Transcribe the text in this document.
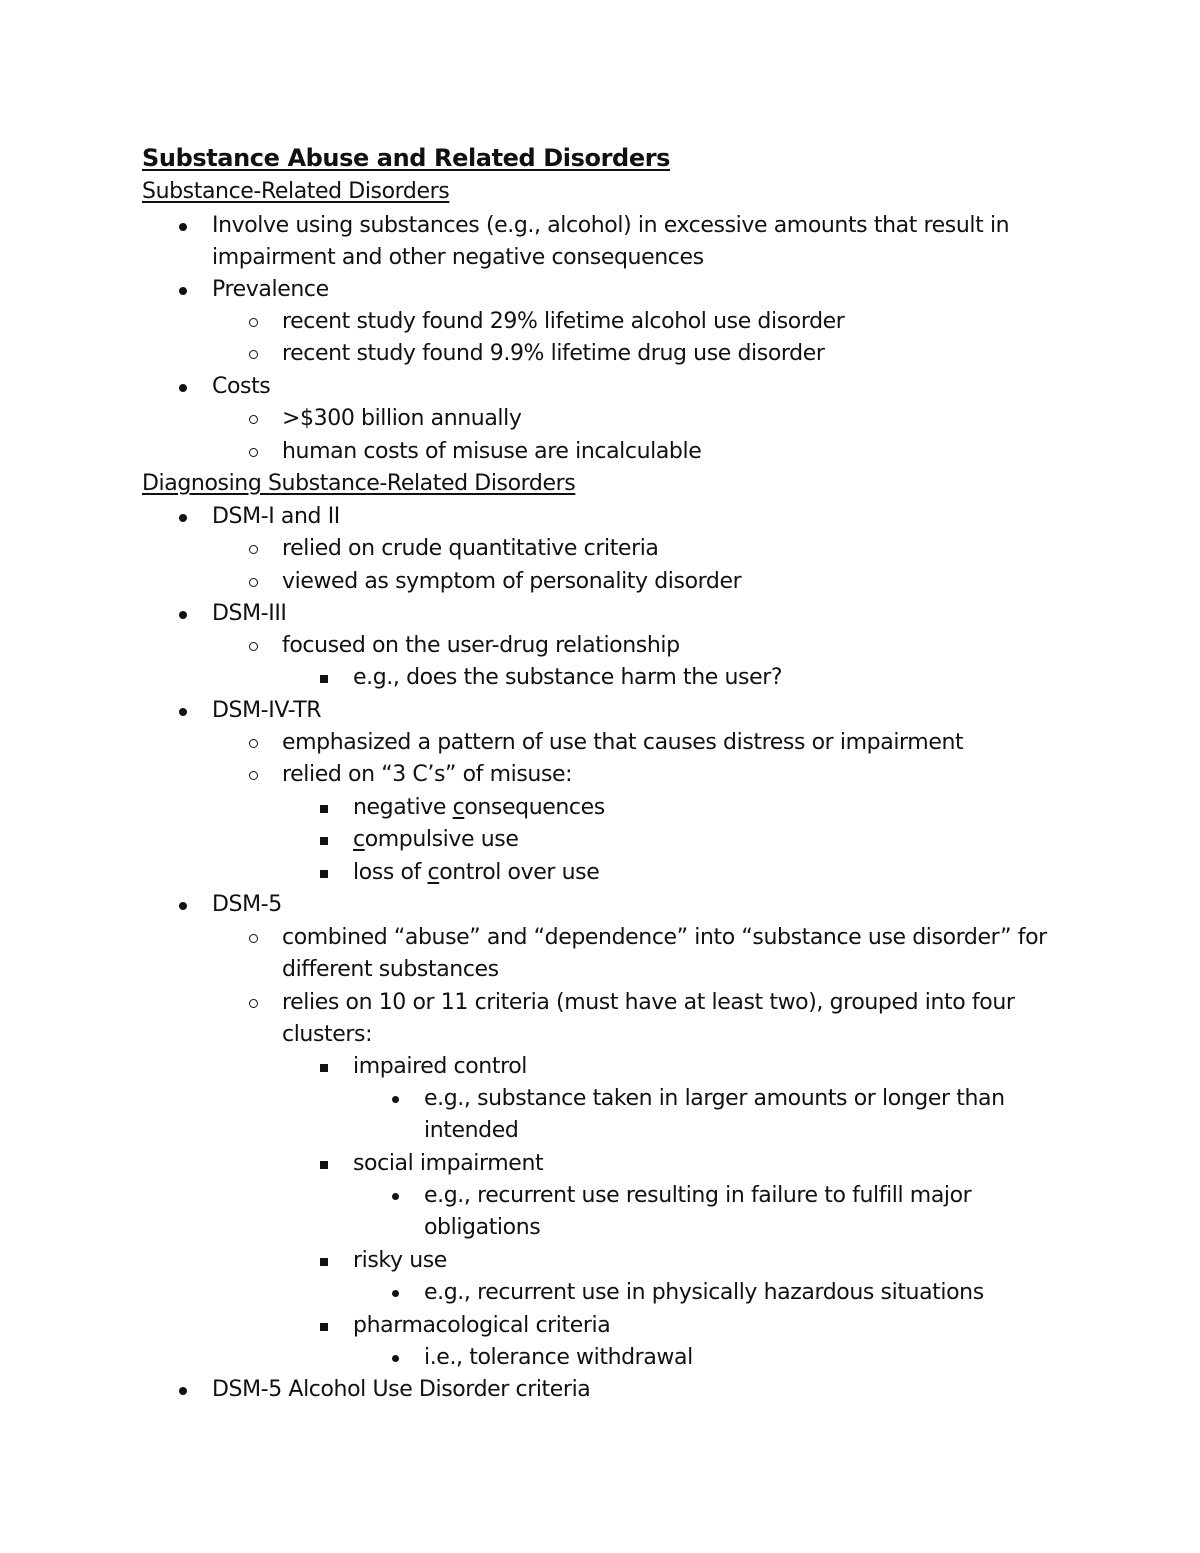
Substance Abuse and Related Disorders
Substance-Related Disorders
Involve using substances (e.g., alcohol) in excessive amounts that result in
impairment and other negative consequences
Prevalence
recent study found 29% lifetime alcohol use disorder
recent study found 9.9% lifetime drug use disorder
Costs
>$300 billion annually
human costs of misuse are incalculable
Diagnosing Substance-Related Disorders
DSM-I and II
relied on crude quantitative criteria
viewed as symptom of personality disorder
DSM-III
focused on the user-drug relationship
e.g., does the substance harm the user?
DSM-IV-TR
emphasized a pattern of use that causes distress or impairment
relied on “3 C’s” of misuse:
negative consequences
compulsive use
loss of control over use
DSM-5
combined “abuse” and “dependence” into “substance use disorder” for
different substances
relies on 10 or 11 criteria (must have at least two), grouped into four
clusters:
impaired control
e.g., substance taken in larger amounts or longer than
intended
social impairment
e.g., recurrent use resulting in failure to fulfill major
obligations
risky use
e.g., recurrent use in physically hazardous situations
pharmacological criteria
i.e., tolerance withdrawal
DSM-5 Alcohol Use Disorder criteria
